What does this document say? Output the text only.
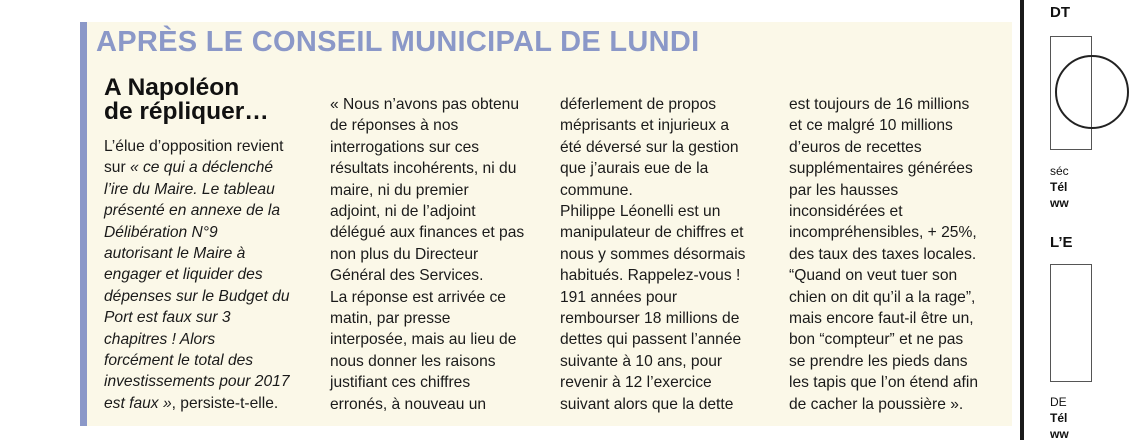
APRÈS LE CONSEIL MUNICIPAL DE LUNDI
A Napoléon
de répliquer…
L’élue d’opposition revient
sur « ce qui a déclenché
l’ire du Maire. Le tableau
présenté en annexe de la
Délibération N°9
autorisant le Maire à
engager et liquider des
dépenses sur le Budget du
Port est faux sur 3
chapitres ! Alors
forcément le total des
investissements pour 2017
est faux », persiste-t-elle.
« Nous n’avons pas obtenu
de réponses à nos
interrogations sur ces
résultats incohérents, ni du
maire, ni du premier
adjoint, ni de l’adjoint
délégué aux finances et pas
non plus du Directeur
Général des Services.
La réponse est arrivée ce
matin, par presse
interposée, mais au lieu de
nous donner les raisons
justifiant ces chiffres
erronés, à nouveau un
déferlement de propos
méprisants et injurieux a
été déversé sur la gestion
que j’aurais eue de la
commune.
Philippe Léonelli est un
manipulateur de chiffres et
nous y sommes désormais
habitués. Rappelez-vous !
191 années pour
rembourser 18 millions de
dettes qui passent l’année
suivante à 10 ans, pour
revenir à 12 l’exercice
suivant alors que la dette
est toujours de 16 millions
et ce malgré 10 millions
d’euros de recettes
supplémentaires générées
par les hausses
inconsidérées et
incompréhensibles, + 25%,
des taux des taxes locales.
“Quand on veut tuer son
chien on dit qu’il a la rage”,
mais encore faut-il être un,
bon “compteur” et ne pas
se prendre les pieds dans
les tapis que l’on étend afin
de cacher la poussière ».
DT
séc
Tél
ww
L’E
DE
Tél
ww
